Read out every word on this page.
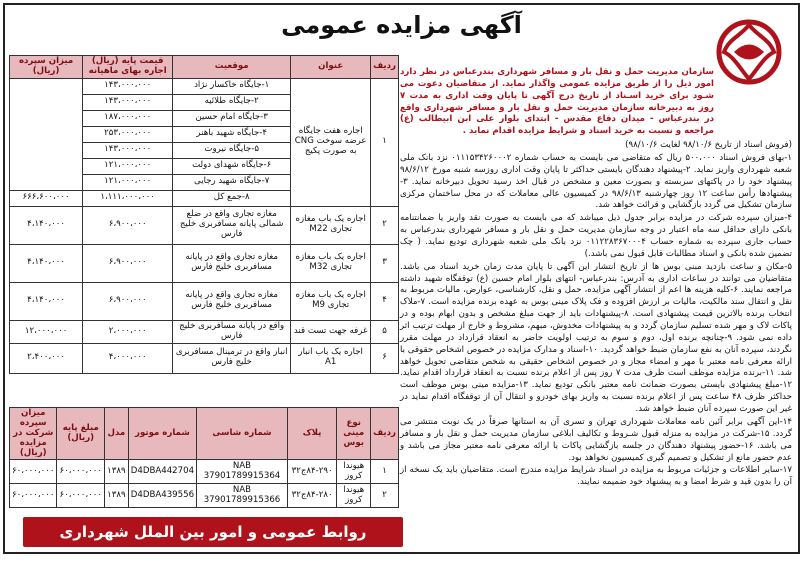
آگهی مزایده عمومی

سازمان مدیریت حمل و نقل بار و مسافر شهرداری بندرعباس در نظر دارد امور ذیل را از طریق مزایده عمومی واگذار نماید. از متقاضیان دعوت می شـود برای خرید اسـناد از تاریخ درج آگهی تا پایان وقت اداری به مدت ۷ روز به دبیرخانه سازمان مدیریت حمل و نقل بار و مسافر شهرداری واقع در بندرعباس - میدان دفاع مقدس - ابتدای بلوار علی ابن ابیطالب (ع) مراجعه و نسبت به خرید اسناد و شرایط مزایده اقدام نماید .

(فروش اسناد از تاریخ ۹۸/۱۰/۶ لغایت ۹۸/۱۰/۶)

۱-بهای فروش اسناد ۵۰۰،۰۰۰ ریال که متقاضی می بایست به حساب شماره ۰۱۱۱۵۳۴۲۶۰۰۰۲ نزد بانک ملی شعبه شهرداری واریز نماید. ۲-پیشنهاد دهندگان بایستی حداکثر تا پایان وقت اداری روزسه شنبه مورخ ۹۸/۶/۱۲ پیشنهاد خود را در پاکتهای سربسته و بصورت معین و مشخص در قبال اخذ رسید تحویل دبیرخانه نماید. ۳-پیشنهادها رأس ساعت ۱۲ روز چهارشنبه ۹۸/۶/۱۳ در کمیسیون عالی معاملات که در محل ساختمان مرکزی سازمان تشکیل می گردد بازگشایی و قرائت خواهد شد.

۴-میزان سپرده شرکت در مزایده برابر جدول ذیل میباشد که می بایست به صورت نقد واریز یا ضمانتنامه بانکی دارای حداقل سه ماه اعتبار در وجه سازمان مدیریت حمل و نقل بار و مسافر شهرداری بندرعباس به حساب جاری سپرده به شماره حساب ۰۱۱۲۲۸۳۶۷۰۰۰۴ نزد بانک ملی شعبه شهرداری تودیع نماید. ( چک تضمین شده بانکی و اسناد مطالبات قابل قبول نمی باشد.)

۵-مکان و ساعت بازدید مبنی بوس ها از تاریخ انتشار این آگهی تا پایان مدت زمان خرید اسناد می باشد. متقاضیان می توانند در ساعات اداری به آدرس: بندرعباس- انتهای بلوار امام حسین (ع) توقفگاه شهید داشته مراجعه نمایند. ۶-کلیه هزینه ها اعم از انتشار آگهی مزایده، حمل و نقل، کارشناسی، عوارض، مالیات مربوط به نقل و انتقال سند مالکیت، مالیات بر ارزش افزوده و فک پلاک مینی بوس به عهده برنده مزایده است. ۷-ملاک انتخاب برنده بالاترین قیمت پیشنهادی است. ۸-پیشنهادات باید از جهت مبلغ مشخص و بدون ابهام بوده و در پاکات لاک و مهر شده تسلیم سازمان گردد و به پیشنهادات مخدوش، مبهم، مشروط و خارج از مهلت ترتیب اثر داده نمی شود. ۹-چنانچه برنده اول، دوم و سوم به ترتیب اولویت حاضر به انعقاد قرارداد در مهلت مقرر نگردند، سپرده آنان به نفع سازمان ضبط خواهد گردید. ۱۰-اسناد و مدارک مزایده در خصوص اشخاص حقوقی با ارائه معرفی نامه معتبر با مهر و امضاء مجاز و در خصوص اشخاص حقیقی به شخص متقاضی تحویل خواهد شد. ۱۱-برنده مزایده موظف است ظرف مدت ۷ روز پس از اعلام برنده نسبت به انعقاد قرارداد اقدام نماید. ۱۲-مبلغ پیشنهادی بایستی بصورت ضمانت نامه معتبر بانکی تودیع نماید. ۱۳-مزایده مینی بوس موظف است حداکثر ظرف ۴۸ ساعت پس از اعلام برنده نسبت به واریز بهای خودرو و انتقال آن از توقفگاه اقدام نماید در غیر این صورت سپرده آنان ضبط خواهد شد.

۱۴-این آگهی برابر آئین نامه معاملات شهرداری تهران و تسری آن به استانها صرفاً در یک نوبت منتشر می گردد. ۱۵-شرکت در مزایده به منزله قبول شـروط و تکالیف ابلاغی سازمان مدیریت حمل و نقل بار و مسافر می باشد. ۱۶-حضور پیشنهاد دهندگان در جلسه بازگشایی پاکات با ارائه معرفی نامه معتبر مجاز می باشد و عدم حضور مانع از تشکیل و تصمیم گیری کمیسیون نخواهد بود.

۱۷-سایر اطلاعات و جزئیات مربوط به مزایده در اسناد شرایط مزایده مندرج است. متقاضیان باید یک نسخه از آن را بدون قید و شرط امضا و به پیشنهاد خود ضمیمه نمایند.

ردیف	عنوان	موقعیت	قیمت پایه (ریال) اجاره بهای ماهیانه	میزان سپرده (ریال)
۱	اجاره هفت جایگاه عرضه سوخت CNG به صورت پکیج	۱-جایگاه خاکسار نژاد	۱۴۳،۰۰۰،۰۰۰	
		۲-جایگاه طلائیه	۱۴۳،۰۰۰،۰۰۰	
		۳-جایگاه امام حسین	۱۸۷،۰۰۰،۰۰۰	
		۴-جایگاه شهید باهنر	۲۵۳،۰۰۰،۰۰۰	
		۵-جایگاه نیروت	۱۴۳،۰۰۰،۰۰۰	
		۶-جایگاه شهدای دولت	۱۲۱،۰۰۰،۰۰۰	
		۷-جایگاه شهید رجایی	۱۲۱،۰۰۰،۰۰۰	
		۸-جمع کل	۱،۱۱۱،۰۰۰،۰۰۰	۶۶۶،۶۰۰،۰۰۰
۲	اجاره یک باب مغازه تجاری M22	مغازه تجاری واقع در ضلع شمالی پایانه مسافربری خلیج فارس	۶،۹۰۰،۰۰۰	۴،۱۴۰،۰۰۰
۳	اجاره یک باب مغازه تجاری M32	مغازه تجاری واقع در پایانه مسافربری خلیج فارس	۶،۹۰۰،۰۰۰	۴،۱۴۰،۰۰۰
۴	اجاره یک باب مغازه تجاری M9	مغازه تجاری واقع در پایانه مسافربری خلیج فارس	۶،۹۰۰،۰۰۰	۴،۱۴۰،۰۰۰
۵	غرفه جهت تست قند	واقع در پایانه مسافربری خلیج فارس	۲،۰۰۰،۰۰۰	۱۲،۰۰۰،۰۰۰
۶	اجاره یک باب انبار A1	انبار واقع در ترمینال مسافربری خلیج فارس	۴،۰۰۰،۰۰۰	۲،۴۰۰،۰۰۰
ردیف	نوع مینی بوس	پلاک	شماره شاسی	شماره موتور	مدل	مبلغ پایه (ریال)	میزان سپرده شرکت در مزایده (ریال)
۱	هیوندا کروز	۸۴-۲۹۰ج۳۲	NAB 37901789915364	D4DBA442704	۱۳۸۹	۶۰،۰۰۰،۰۰۰	۶۰،۰۰۰،۰۰۰
۲	هیوندا کروز	۸۴-۲۸۰ج۳۲	NAB 37901789915366	D4DBA439556	۱۳۸۹	۶۰،۰۰۰،۰۰۰	۶۰،۰۰۰،۰۰۰
روابط عمومی و امور بین الملل شهرداری بندرعباس
